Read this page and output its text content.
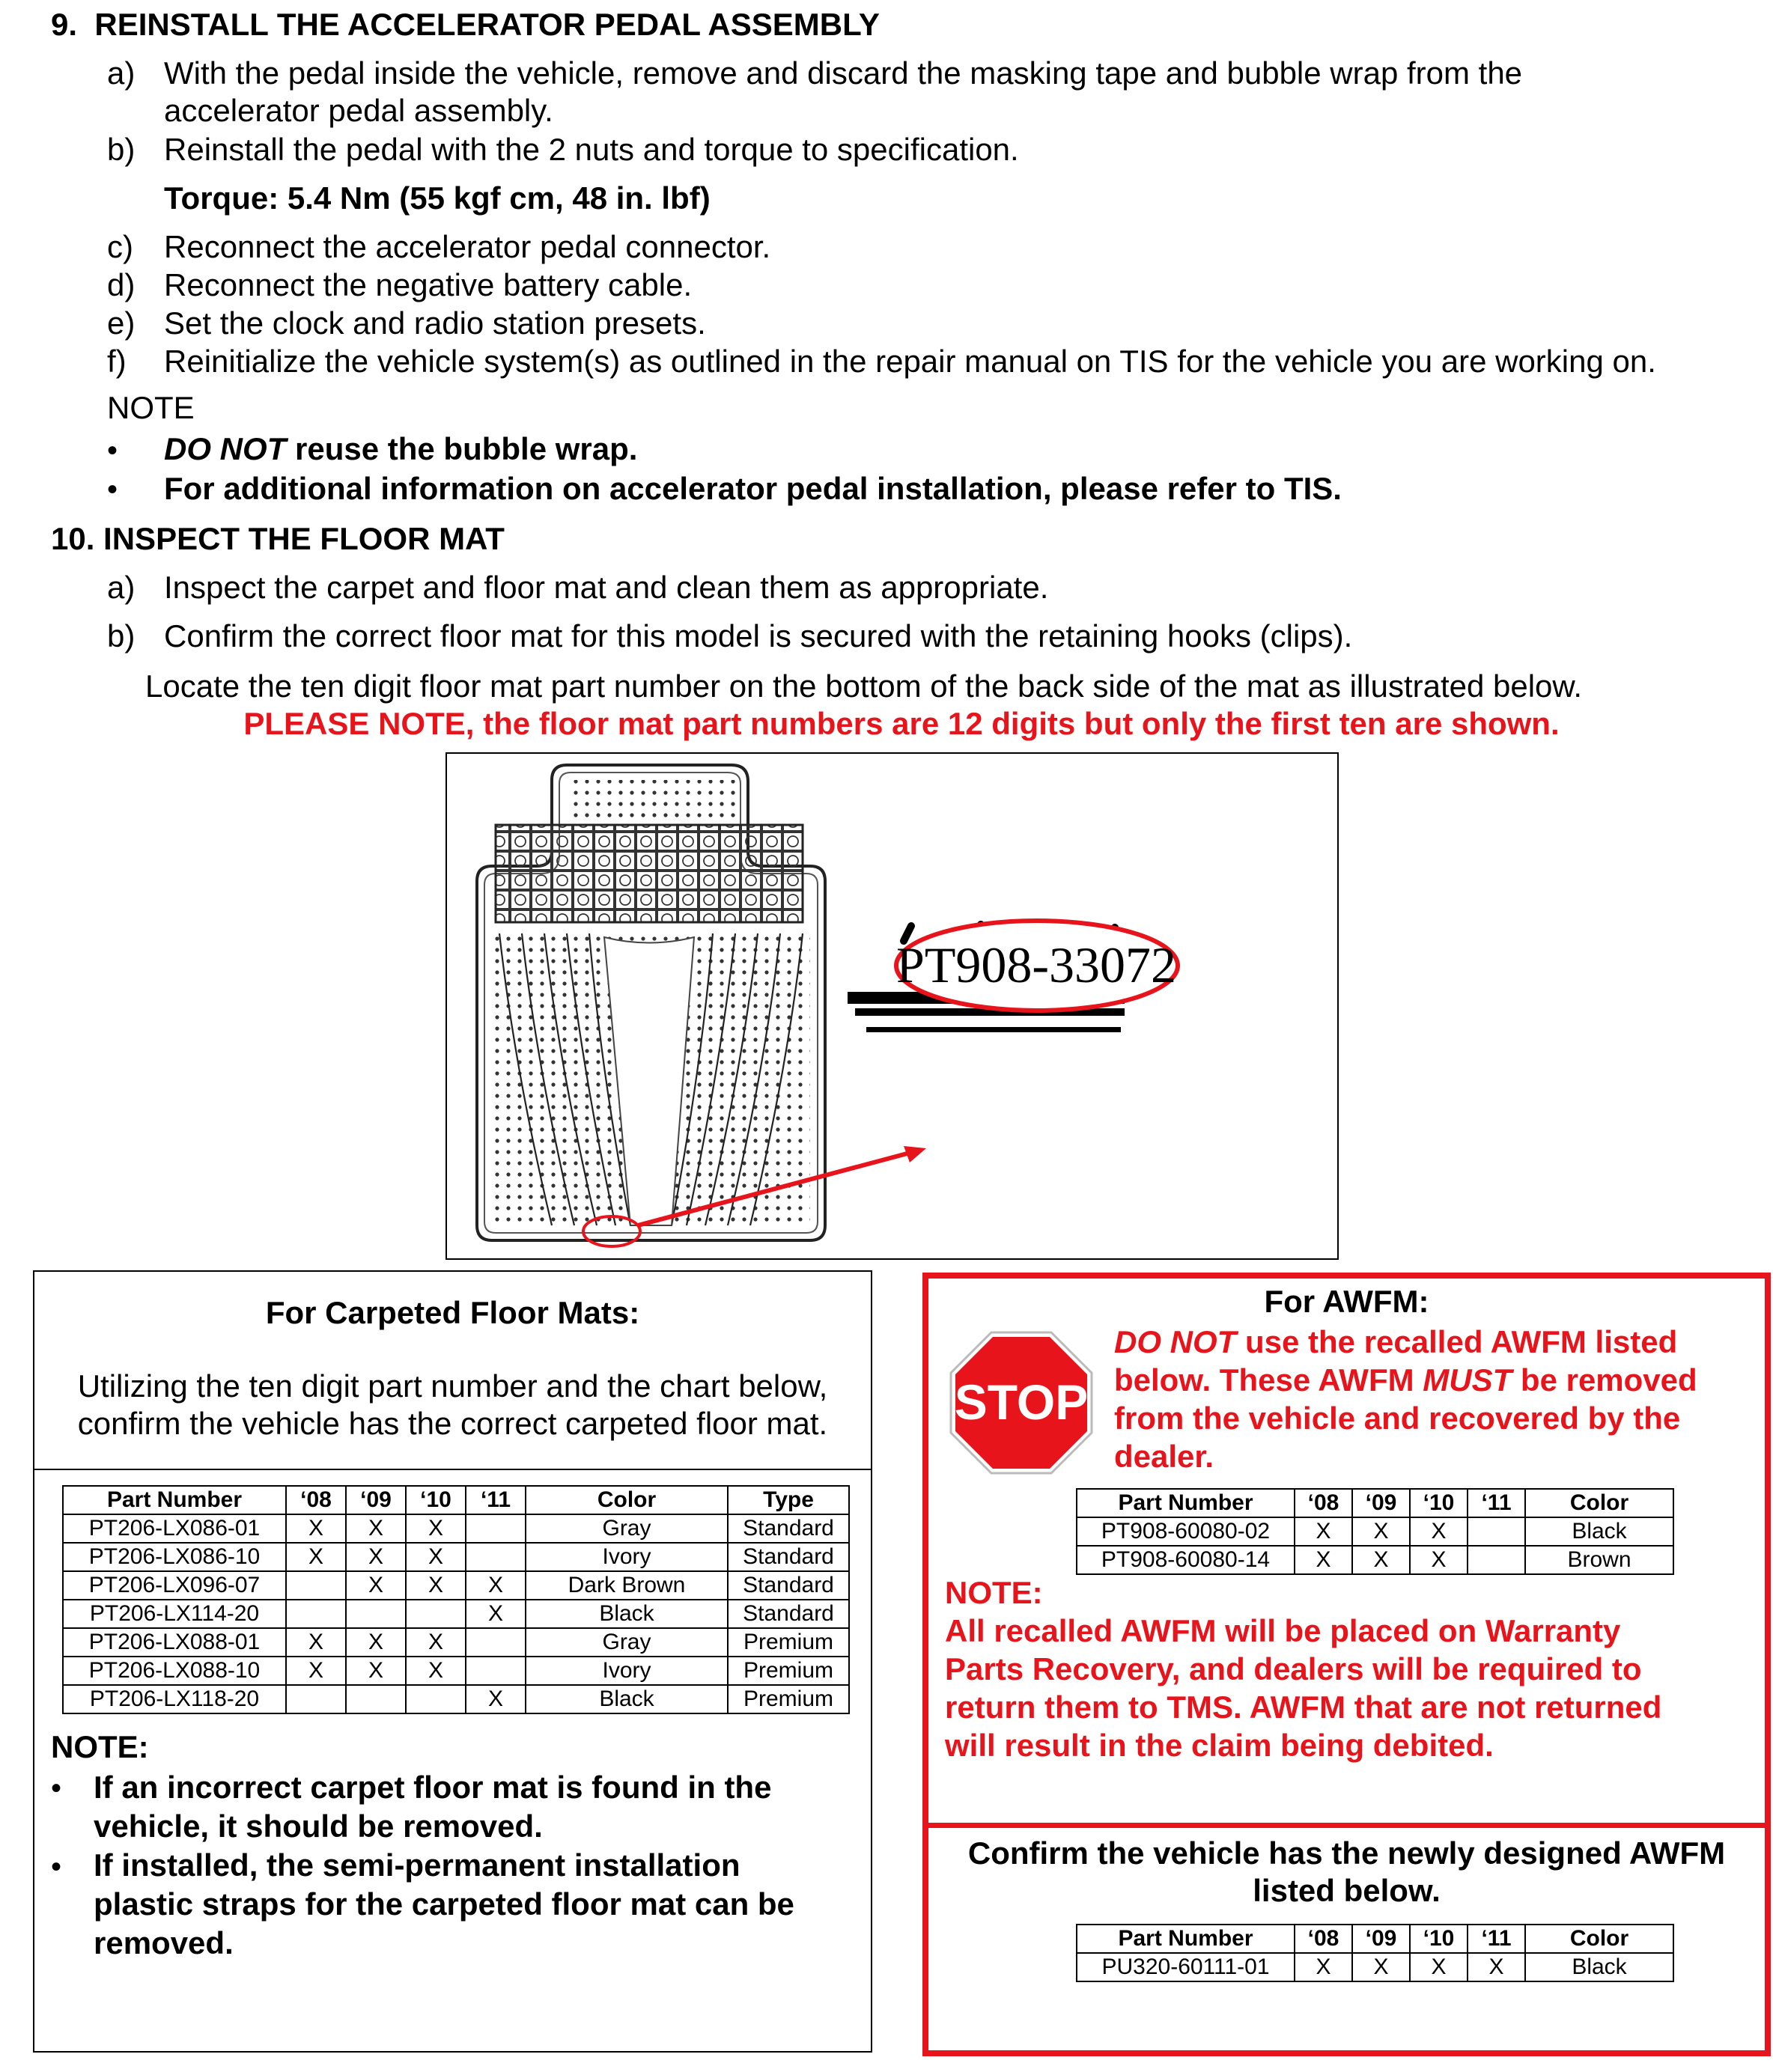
9.  REINSTALL THE ACCELERATOR PEDAL ASSEMBLY
a) With the pedal inside the vehicle, remove and discard the masking tape and bubble wrap from the
accelerator pedal assembly.
b) Reinstall the pedal with the 2 nuts and torque to specification.
Torque: 5.4 Nm (55 kgf cm, 48 in. lbf)
c) Reconnect the accelerator pedal connector.
d) Reconnect the negative battery cable.
e) Set the clock and radio station presets.
f) Reinitialize the vehicle system(s) as outlined in the repair manual on TIS for the vehicle you are working on.
NOTE
• DO NOT reuse the bubble wrap.
• For additional information on accelerator pedal installation, please refer to TIS.
10. INSPECT THE FLOOR MAT
a) Inspect the carpet and floor mat and clean them as appropriate.
b) Confirm the correct floor mat for this model is secured with the retaining hooks (clips).
Locate the ten digit floor mat part number on the bottom of the back side of the mat as illustrated below.
PLEASE NOTE, the floor mat part numbers are 12 digits but only the first ten are shown.
PT908-33072
For Carpeted Floor Mats:
Utilizing the ten digit part number and the chart below,
confirm the vehicle has the correct carpeted floor mat.
Part Number	‘08	‘09	‘10	‘11	Color	Type
PT206-LX086-01	X	X	X		Gray	Standard
PT206-LX086-10	X	X	X		Ivory	Standard
PT206-LX096-07		X	X	X	Dark Brown	Standard
PT206-LX114-20				X	Black	Standard
PT206-LX088-01	X	X	X		Gray	Premium
PT206-LX088-10	X	X	X		Ivory	Premium
PT206-LX118-20				X	Black	Premium
NOTE:
• If an incorrect carpet floor mat is found in the
vehicle, it should be removed.
• If installed, the semi-permanent installation
plastic straps for the carpeted floor mat can be
removed.
For AWFM:
STOP
DO NOT use the recalled AWFM listed
below. These AWFM MUST be removed
from the vehicle and recovered by the
dealer.
Part Number	‘08	‘09	‘10	‘11	Color
PT908-60080-02	X	X	X		Black
PT908-60080-14	X	X	X		Brown
NOTE:
All recalled AWFM will be placed on Warranty
Parts Recovery, and dealers will be required to
return them to TMS. AWFM that are not returned
will result in the claim being debited.
Confirm the vehicle has the newly designed AWFM
listed below.
Part Number	‘08	‘09	‘10	‘11	Color
PU320-60111-01	X	X	X	X	Black
